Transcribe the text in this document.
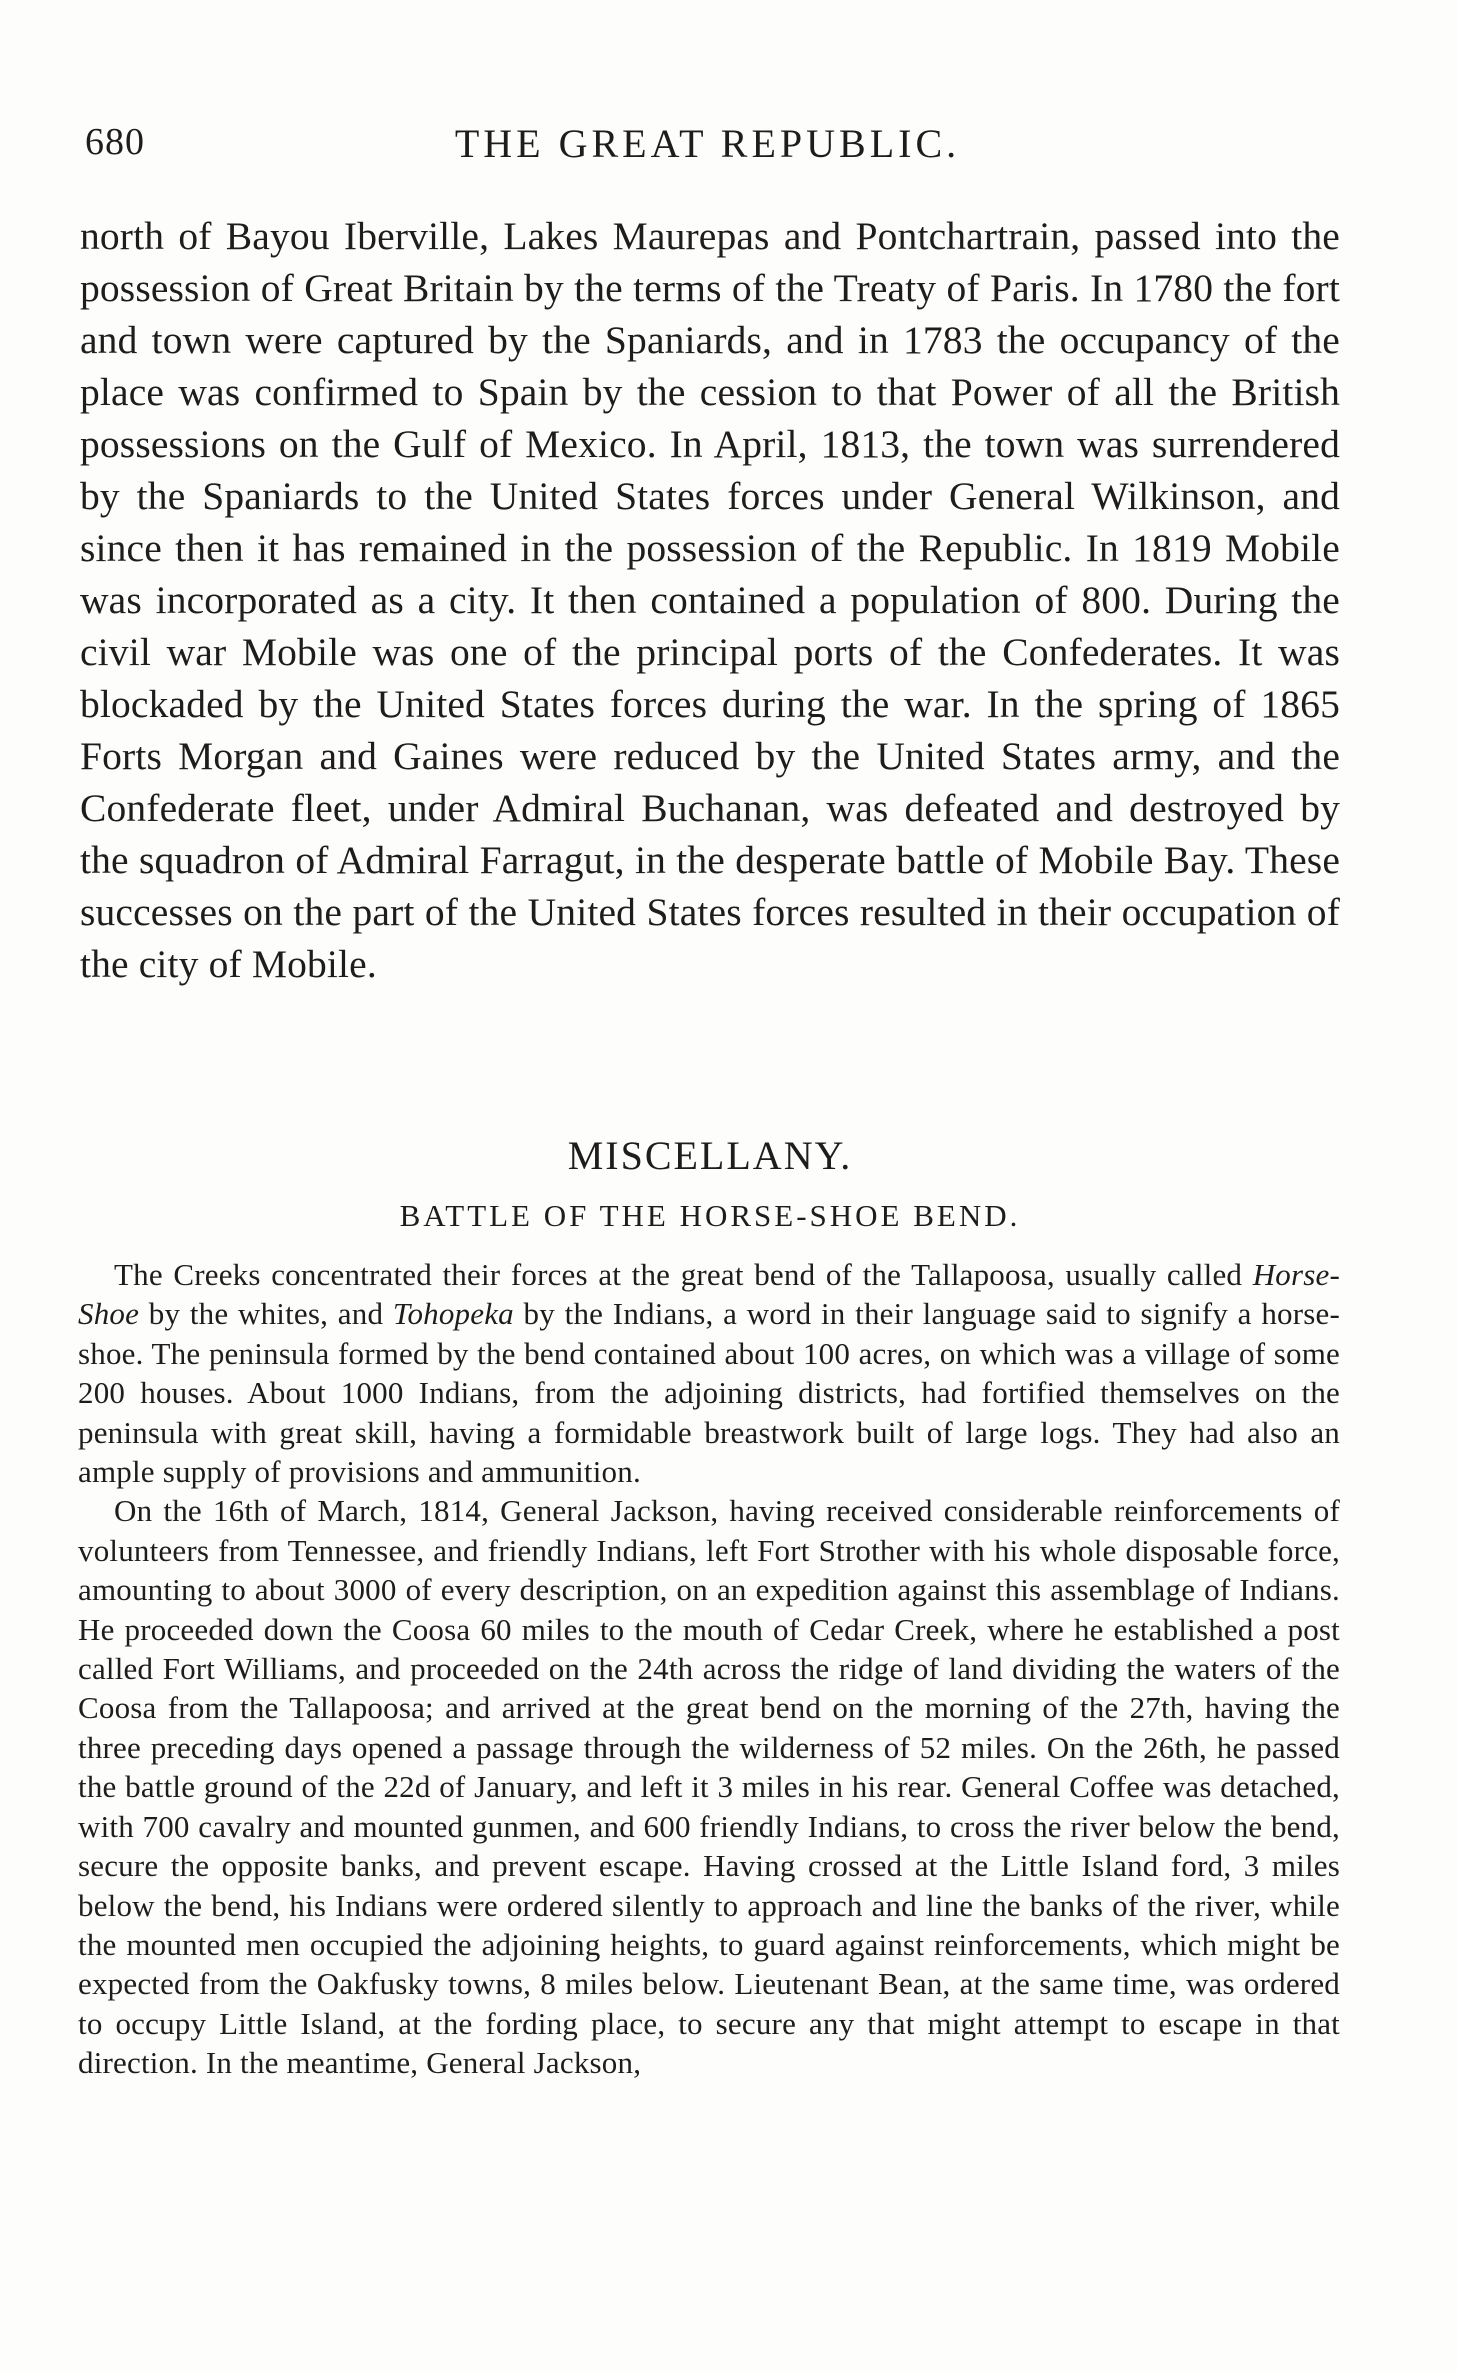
680	THE GREAT REPUBLIC.

north of Bayou Iberville, Lakes Maurepas and Pontchartrain, passed into the possession of Great Britain by the terms of the Treaty of Paris. In 1780 the fort and town were captured by the Spaniards, and in 1783 the occupancy of the place was confirmed to Spain by the cession to that Power of all the British possessions on the Gulf of Mexico. In April, 1813, the town was surrendered by the Spaniards to the United States forces under General Wilkinson, and since then it has remained in the possession of the Republic. In 1819 Mobile was incorporated as a city. It then contained a population of 800. During the civil war Mobile was one of the principal ports of the Confederates. It was blockaded by the United States forces during the war. In the spring of 1865 Forts Morgan and Gaines were reduced by the United States army, and the Confederate fleet, under Admiral Buchanan, was defeated and destroyed by the squadron of Admiral Farragut, in the desperate battle of Mobile Bay. These successes on the part of the United States forces resulted in their occupation of the city of Mobile.

MISCELLANY.
BATTLE OF THE HORSE-SHOE BEND.

The Creeks concentrated their forces at the great bend of the Tallapoosa, usually called Horse-Shoe by the whites, and Tohopeka by the Indians, a word in their language said to signify a horse-shoe. The peninsula formed by the bend contained about 100 acres, on which was a village of some 200 houses. About 1000 Indians, from the adjoining districts, had fortified themselves on the peninsula with great skill, having a formidable breastwork built of large logs. They had also an ample supply of provisions and ammunition.

On the 16th of March, 1814, General Jackson, having received considerable reinforcements of volunteers from Tennessee, and friendly Indians, left Fort Strother with his whole disposable force, amounting to about 3000 of every description, on an expedition against this assemblage of Indians. He proceeded down the Coosa 60 miles to the mouth of Cedar Creek, where he established a post called Fort Williams, and proceeded on the 24th across the ridge of land dividing the waters of the Coosa from the Tallapoosa; and arrived at the great bend on the morning of the 27th, having the three preceding days opened a passage through the wilderness of 52 miles. On the 26th, he passed the battle ground of the 22d of January, and left it 3 miles in his rear. General Coffee was detached, with 700 cavalry and mounted gunmen, and 600 friendly Indians, to cross the river below the bend, secure the opposite banks, and prevent escape. Having crossed at the Little Island ford, 3 miles below the bend, his Indians were ordered silently to approach and line the banks of the river, while the mounted men occupied the adjoining heights, to guard against reinforcements, which might be expected from the Oakfusky towns, 8 miles below. Lieutenant Bean, at the same time, was ordered to occupy Little Island, at the fording place, to secure any that might attempt to escape in that direction. In the meantime, General Jackson,
